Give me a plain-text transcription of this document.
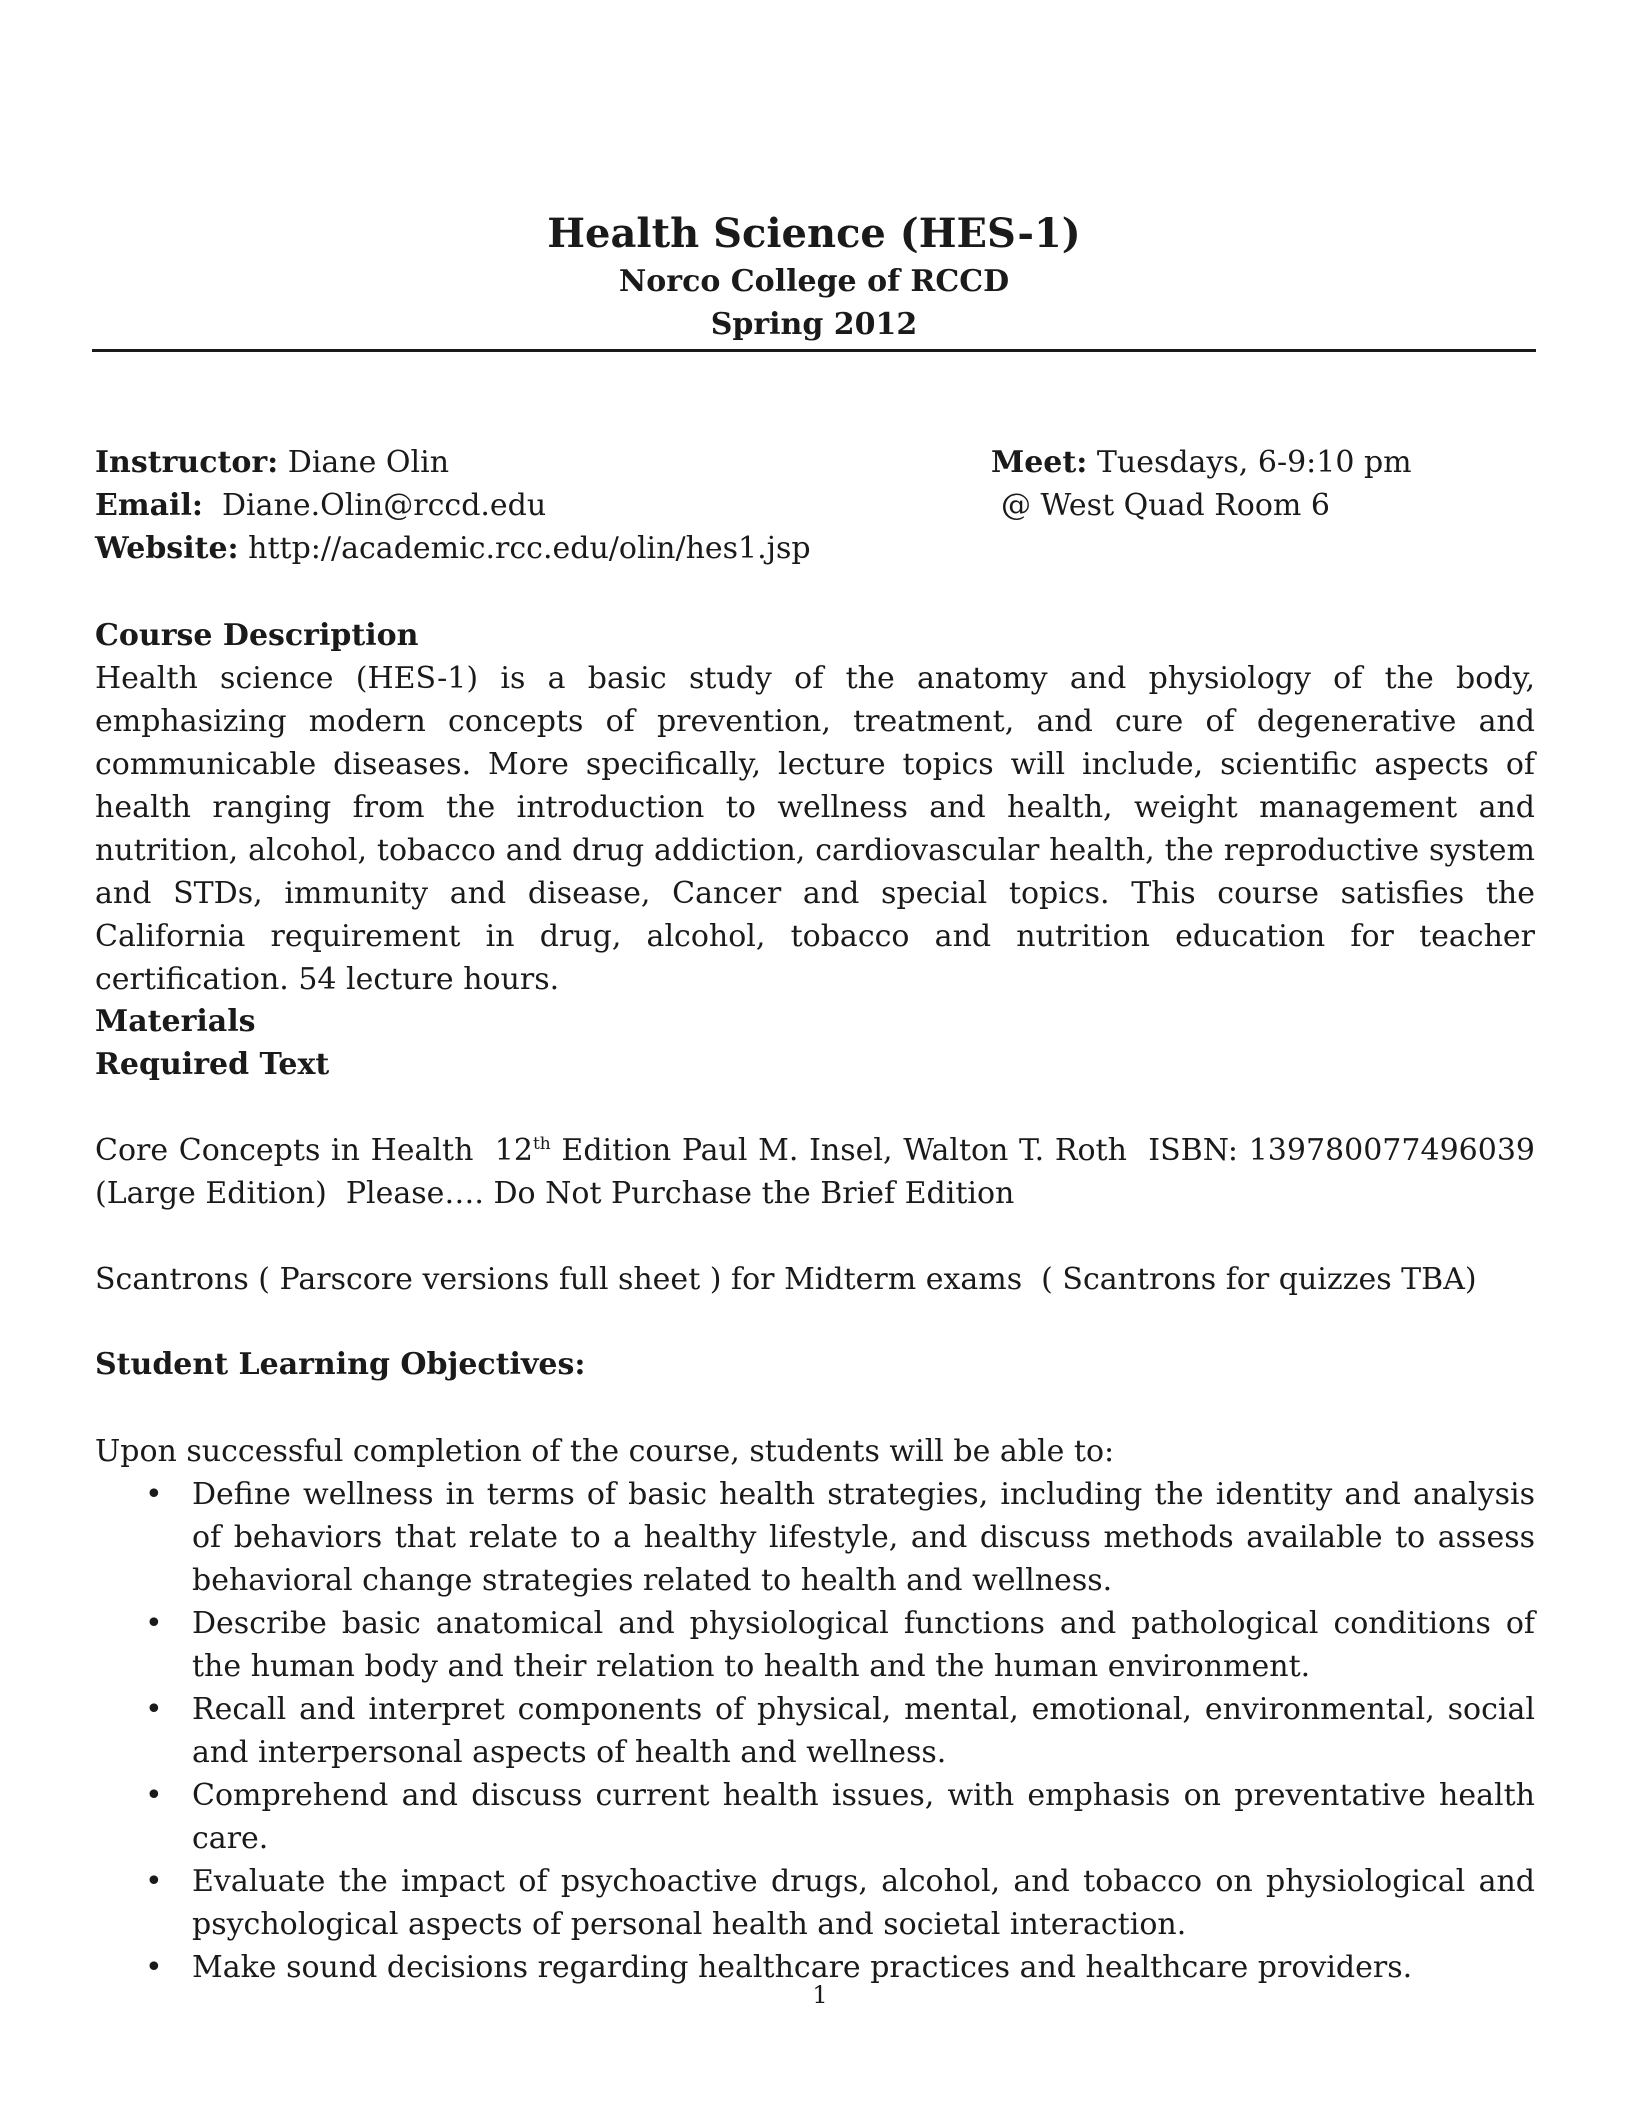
Health Science (HES-1)
Norco College of RCCD
Spring 2012
Instructor: Diane Olin	Meet: Tuesdays, 6-9:10 pm
Email:  Diane.Olin@rccd.edu	@ West Quad Room 6
Website: http://academic.rcc.edu/olin/hes1.jsp
Course Description
Health science (HES-1) is a basic study of the anatomy and physiology of the body, emphasizing modern concepts of prevention, treatment, and cure of degenerative and communicable diseases. More specifically, lecture topics will include, scientific aspects of health ranging from the introduction to wellness and health, weight management and nutrition, alcohol, tobacco and drug addiction, cardiovascular health, the reproductive system and STDs, immunity and disease, Cancer and special topics. This course satisfies the California requirement in drug, alcohol, tobacco and nutrition education for teacher certification. 54 lecture hours.
Materials
Required Text
Core Concepts in Health  12th Edition Paul M. Insel, Walton T. Roth  ISBN: 139780077496039 (Large Edition)  Please…. Do Not Purchase the Brief Edition
Scantrons ( Parscore versions full sheet ) for Midterm exams  ( Scantrons for quizzes TBA)
Student Learning Objectives:
Upon successful completion of the course, students will be able to:
• Define wellness in terms of basic health strategies, including the identity and analysis of behaviors that relate to a healthy lifestyle, and discuss methods available to assess behavioral change strategies related to health and wellness.
• Describe basic anatomical and physiological functions and pathological conditions of the human body and their relation to health and the human environment.
• Recall and interpret components of physical, mental, emotional, environmental, social and interpersonal aspects of health and wellness.
• Comprehend and discuss current health issues, with emphasis on preventative health care.
• Evaluate the impact of psychoactive drugs, alcohol, and tobacco on physiological and psychological aspects of personal health and societal interaction.
• Make sound decisions regarding healthcare practices and healthcare providers.
1
